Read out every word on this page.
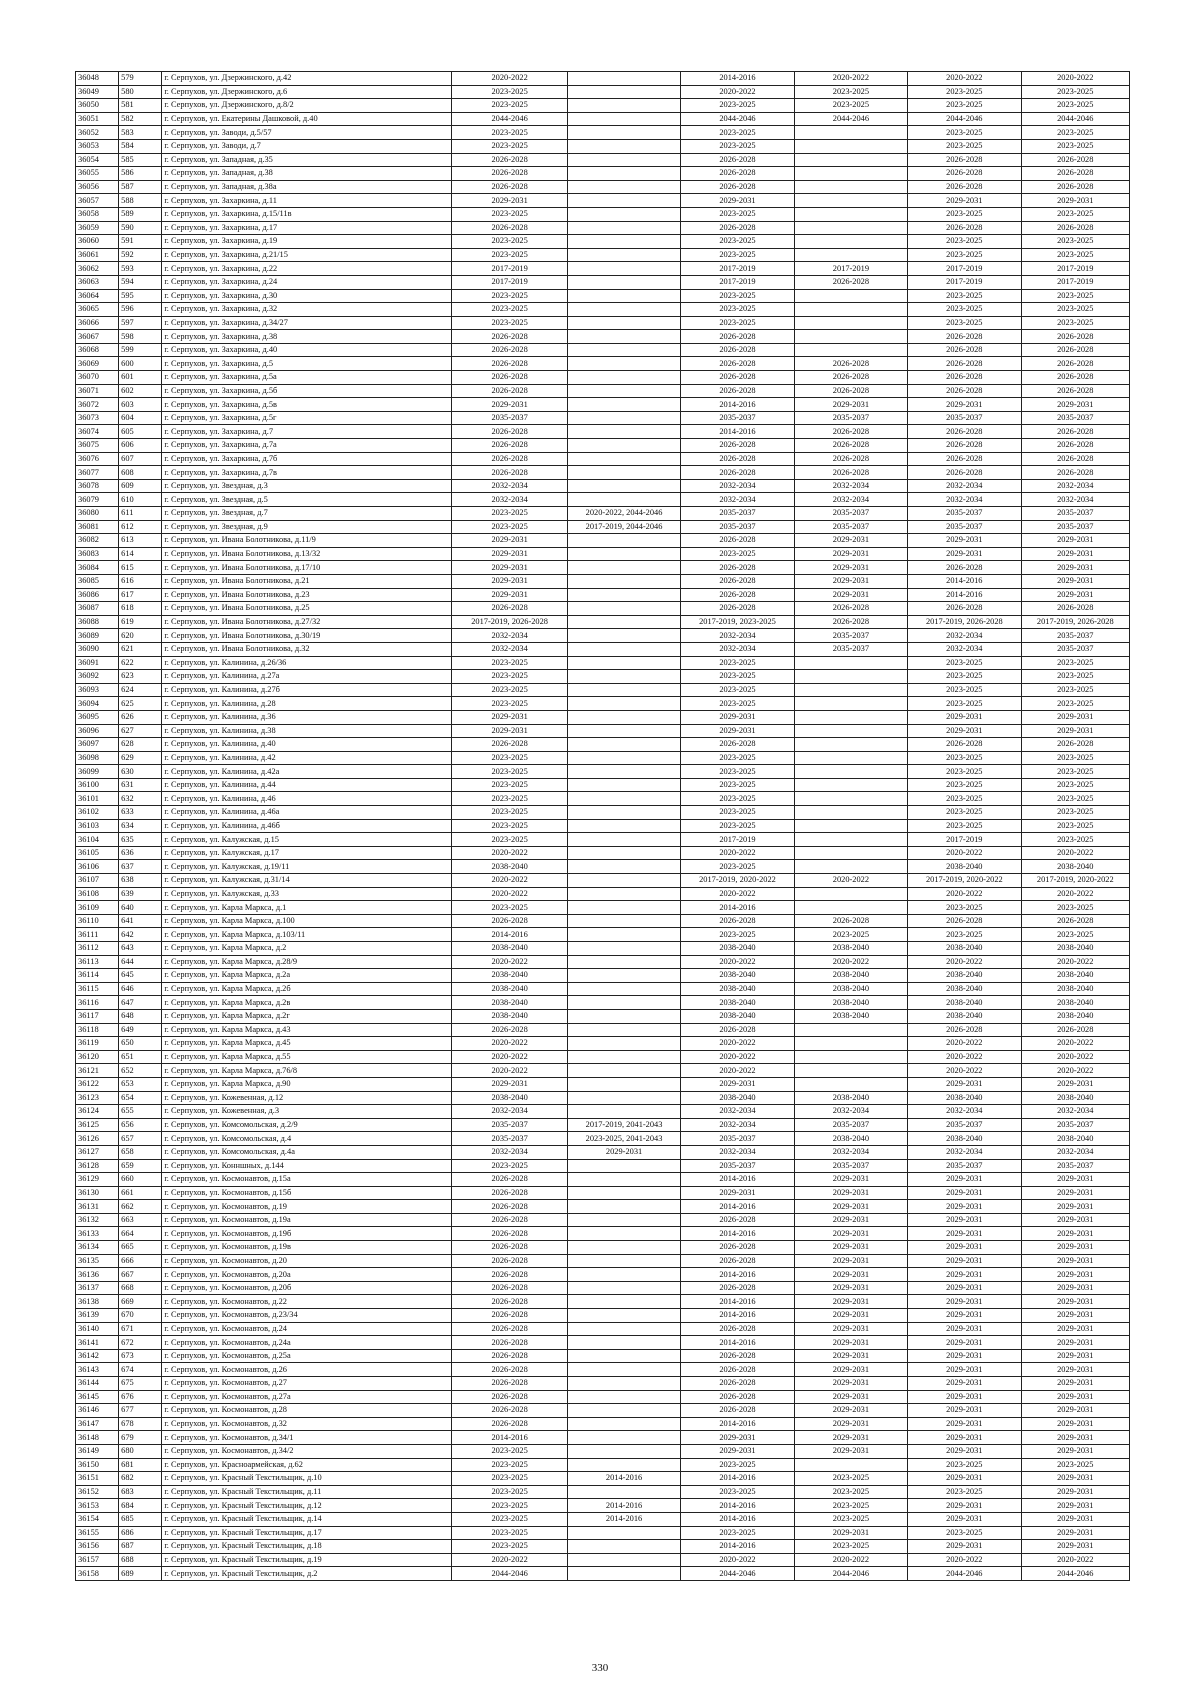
36048	579	г. Серпухов, ул. Дзержинского, д.42	2020-2022		2014-2016	2020-2022	2020-2022	2020-2022
36049	580	г. Серпухов, ул. Дзержинского, д.6	2023-2025		2020-2022	2023-2025	2023-2025	2023-2025
36050	581	г. Серпухов, ул. Дзержинского, д.8/2	2023-2025		2023-2025	2023-2025	2023-2025	2023-2025
36051	582	г. Серпухов, ул. Екатерины Дашковой, д.40	2044-2046		2044-2046	2044-2046	2044-2046	2044-2046
36052	583	г. Серпухов, ул. Заводи, д.5/57	2023-2025		2023-2025		2023-2025	2023-2025
36053	584	г. Серпухов, ул. Заводи, д.7	2023-2025		2023-2025		2023-2025	2023-2025
36054	585	г. Серпухов, ул. Западная, д.35	2026-2028		2026-2028		2026-2028	2026-2028
36055	586	г. Серпухов, ул. Западная, д.38	2026-2028		2026-2028		2026-2028	2026-2028
36056	587	г. Серпухов, ул. Западная, д.38а	2026-2028		2026-2028		2026-2028	2026-2028
36057	588	г. Серпухов, ул. Захаркина, д.11	2029-2031		2029-2031		2029-2031	2029-2031
36058	589	г. Серпухов, ул. Захаркина, д.15/11в	2023-2025		2023-2025		2023-2025	2023-2025
36059	590	г. Серпухов, ул. Захаркина, д.17	2026-2028		2026-2028		2026-2028	2026-2028
36060	591	г. Серпухов, ул. Захаркина, д.19	2023-2025		2023-2025		2023-2025	2023-2025
36061	592	г. Серпухов, ул. Захаркина, д.21/15	2023-2025		2023-2025		2023-2025	2023-2025
36062	593	г. Серпухов, ул. Захаркина, д.22	2017-2019		2017-2019	2017-2019	2017-2019	2017-2019
36063	594	г. Серпухов, ул. Захаркина, д.24	2017-2019		2017-2019	2026-2028	2017-2019	2017-2019
36064	595	г. Серпухов, ул. Захаркина, д.30	2023-2025		2023-2025		2023-2025	2023-2025
36065	596	г. Серпухов, ул. Захаркина, д.32	2023-2025		2023-2025		2023-2025	2023-2025
36066	597	г. Серпухов, ул. Захаркина, д.34/27	2023-2025		2023-2025		2023-2025	2023-2025
36067	598	г. Серпухов, ул. Захаркина, д.38	2026-2028		2026-2028		2026-2028	2026-2028
36068	599	г. Серпухов, ул. Захаркина, д.40	2026-2028		2026-2028		2026-2028	2026-2028
36069	600	г. Серпухов, ул. Захаркина, д.5	2026-2028		2026-2028	2026-2028	2026-2028	2026-2028
36070	601	г. Серпухов, ул. Захаркина, д.5а	2026-2028		2026-2028	2026-2028	2026-2028	2026-2028
36071	602	г. Серпухов, ул. Захаркина, д.5б	2026-2028		2026-2028	2026-2028	2026-2028	2026-2028
36072	603	г. Серпухов, ул. Захаркина, д.5в	2029-2031		2014-2016	2029-2031	2029-2031	2029-2031
36073	604	г. Серпухов, ул. Захаркина, д.5г	2035-2037		2035-2037	2035-2037	2035-2037	2035-2037
36074	605	г. Серпухов, ул. Захаркина, д.7	2026-2028		2014-2016	2026-2028	2026-2028	2026-2028
36075	606	г. Серпухов, ул. Захаркина, д.7а	2026-2028		2026-2028	2026-2028	2026-2028	2026-2028
36076	607	г. Серпухов, ул. Захаркина, д.7б	2026-2028		2026-2028	2026-2028	2026-2028	2026-2028
36077	608	г. Серпухов, ул. Захаркина, д.7в	2026-2028		2026-2028	2026-2028	2026-2028	2026-2028
36078	609	г. Серпухов, ул. Звездная, д.3	2032-2034		2032-2034	2032-2034	2032-2034	2032-2034
36079	610	г. Серпухов, ул. Звездная, д.5	2032-2034		2032-2034	2032-2034	2032-2034	2032-2034
36080	611	г. Серпухов, ул. Звездная, д.7	2023-2025	2020-2022, 2044-2046	2035-2037	2035-2037	2035-2037	2035-2037
36081	612	г. Серпухов, ул. Звездная, д.9	2023-2025	2017-2019, 2044-2046	2035-2037	2035-2037	2035-2037	2035-2037
36082	613	г. Серпухов, ул. Ивана Болотникова, д.11/9	2029-2031		2026-2028	2029-2031	2029-2031	2029-2031
36083	614	г. Серпухов, ул. Ивана Болотникова, д.13/32	2029-2031		2023-2025	2029-2031	2029-2031	2029-2031
36084	615	г. Серпухов, ул. Ивана Болотникова, д.17/10	2029-2031		2026-2028	2029-2031	2026-2028	2029-2031
36085	616	г. Серпухов, ул. Ивана Болотникова, д.21	2029-2031		2026-2028	2029-2031	2014-2016	2029-2031
36086	617	г. Серпухов, ул. Ивана Болотникова, д.23	2029-2031		2026-2028	2029-2031	2014-2016	2029-2031
36087	618	г. Серпухов, ул. Ивана Болотникова, д.25	2026-2028		2026-2028	2026-2028	2026-2028	2026-2028
36088	619	г. Серпухов, ул. Ивана Болотникова, д.27/32	2017-2019, 2026-2028		2017-2019, 2023-2025	2026-2028	2017-2019, 2026-2028	2017-2019, 2026-2028
36089	620	г. Серпухов, ул. Ивана Болотникова, д.30/19	2032-2034		2032-2034	2035-2037	2032-2034	2035-2037
36090	621	г. Серпухов, ул. Ивана Болотникова, д.32	2032-2034		2032-2034	2035-2037	2032-2034	2035-2037
36091	622	г. Серпухов, ул. Калинина, д.26/36	2023-2025		2023-2025		2023-2025	2023-2025
36092	623	г. Серпухов, ул. Калинина, д.27а	2023-2025		2023-2025		2023-2025	2023-2025
36093	624	г. Серпухов, ул. Калинина, д.27б	2023-2025		2023-2025		2023-2025	2023-2025
36094	625	г. Серпухов, ул. Калинина, д.28	2023-2025		2023-2025		2023-2025	2023-2025
36095	626	г. Серпухов, ул. Калинина, д.36	2029-2031		2029-2031		2029-2031	2029-2031
36096	627	г. Серпухов, ул. Калинина, д.38	2029-2031		2029-2031		2029-2031	2029-2031
36097	628	г. Серпухов, ул. Калинина, д.40	2026-2028		2026-2028		2026-2028	2026-2028
36098	629	г. Серпухов, ул. Калинина, д.42	2023-2025		2023-2025		2023-2025	2023-2025
36099	630	г. Серпухов, ул. Калинина, д.42а	2023-2025		2023-2025		2023-2025	2023-2025
36100	631	г. Серпухов, ул. Калинина, д.44	2023-2025		2023-2025		2023-2025	2023-2025
36101	632	г. Серпухов, ул. Калинина, д.46	2023-2025		2023-2025		2023-2025	2023-2025
36102	633	г. Серпухов, ул. Калинина, д.46а	2023-2025		2023-2025		2023-2025	2023-2025
36103	634	г. Серпухов, ул. Калинина, д.46б	2023-2025		2023-2025		2023-2025	2023-2025
36104	635	г. Серпухов, ул. Калужская, д.15	2023-2025		2017-2019		2017-2019	2023-2025
36105	636	г. Серпухов, ул. Калужская, д.17	2020-2022		2020-2022		2020-2022	2020-2022
36106	637	г. Серпухов, ул. Калужская, д.19/11	2038-2040		2023-2025		2038-2040	2038-2040
36107	638	г. Серпухов, ул. Калужская, д.31/14	2020-2022		2017-2019, 2020-2022	2020-2022	2017-2019, 2020-2022	2017-2019, 2020-2022
36108	639	г. Серпухов, ул. Калужская, д.33	2020-2022		2020-2022		2020-2022	2020-2022
36109	640	г. Серпухов, ул. Карла Маркса, д.1	2023-2025		2014-2016		2023-2025	2023-2025
36110	641	г. Серпухов, ул. Карла Маркса, д.100	2026-2028		2026-2028	2026-2028	2026-2028	2026-2028
36111	642	г. Серпухов, ул. Карла Маркса, д.103/11	2014-2016		2023-2025	2023-2025	2023-2025	2023-2025
36112	643	г. Серпухов, ул. Карла Маркса, д.2	2038-2040		2038-2040	2038-2040	2038-2040	2038-2040
36113	644	г. Серпухов, ул. Карла Маркса, д.28/9	2020-2022		2020-2022	2020-2022	2020-2022	2020-2022
36114	645	г. Серпухов, ул. Карла Маркса, д.2а	2038-2040		2038-2040	2038-2040	2038-2040	2038-2040
36115	646	г. Серпухов, ул. Карла Маркса, д.2б	2038-2040		2038-2040	2038-2040	2038-2040	2038-2040
36116	647	г. Серпухов, ул. Карла Маркса, д.2в	2038-2040		2038-2040	2038-2040	2038-2040	2038-2040
36117	648	г. Серпухов, ул. Карла Маркса, д.2г	2038-2040		2038-2040	2038-2040	2038-2040	2038-2040
36118	649	г. Серпухов, ул. Карла Маркса, д.43	2026-2028		2026-2028		2026-2028	2026-2028
36119	650	г. Серпухов, ул. Карла Маркса, д.45	2020-2022		2020-2022		2020-2022	2020-2022
36120	651	г. Серпухов, ул. Карла Маркса, д.55	2020-2022		2020-2022		2020-2022	2020-2022
36121	652	г. Серпухов, ул. Карла Маркса, д.76/8	2020-2022		2020-2022		2020-2022	2020-2022
36122	653	г. Серпухов, ул. Карла Маркса, д.90	2029-2031		2029-2031		2029-2031	2029-2031
36123	654	г. Серпухов, ул. Кожевенная, д.12	2038-2040		2038-2040	2038-2040	2038-2040	2038-2040
36124	655	г. Серпухов, ул. Кожевенная, д.3	2032-2034		2032-2034	2032-2034	2032-2034	2032-2034
36125	656	г. Серпухов, ул. Комсомольская, д.2/9	2035-2037	2017-2019, 2041-2043	2032-2034	2035-2037	2035-2037	2035-2037
36126	657	г. Серпухов, ул. Комсомольская, д.4	2035-2037	2023-2025, 2041-2043	2035-2037	2038-2040	2038-2040	2038-2040
36127	658	г. Серпухов, ул. Комсомольская, д.4а	2032-2034	2029-2031	2032-2034	2032-2034	2032-2034	2032-2034
36128	659	г. Серпухов, ул. Конншных, д.144	2023-2025		2035-2037	2035-2037	2035-2037	2035-2037
36129	660	г. Серпухов, ул. Космонавтов, д.15а	2026-2028		2014-2016	2029-2031	2029-2031	2029-2031
36130	661	г. Серпухов, ул. Космонавтов, д.15б	2026-2028		2029-2031	2029-2031	2029-2031	2029-2031
36131	662	г. Серпухов, ул. Космонавтов, д.19	2026-2028		2014-2016	2029-2031	2029-2031	2029-2031
36132	663	г. Серпухов, ул. Космонавтов, д.19а	2026-2028		2026-2028	2029-2031	2029-2031	2029-2031
36133	664	г. Серпухов, ул. Космонавтов, д.19б	2026-2028		2014-2016	2029-2031	2029-2031	2029-2031
36134	665	г. Серпухов, ул. Космонавтов, д.19в	2026-2028		2026-2028	2029-2031	2029-2031	2029-2031
36135	666	г. Серпухов, ул. Космонавтов, д.20	2026-2028		2026-2028	2029-2031	2029-2031	2029-2031
36136	667	г. Серпухов, ул. Космонавтов, д.20а	2026-2028		2014-2016	2029-2031	2029-2031	2029-2031
36137	668	г. Серпухов, ул. Космонавтов, д.20б	2026-2028		2026-2028	2029-2031	2029-2031	2029-2031
36138	669	г. Серпухов, ул. Космонавтов, д.22	2026-2028		2014-2016	2029-2031	2029-2031	2029-2031
36139	670	г. Серпухов, ул. Космонавтов, д.23/34	2026-2028		2014-2016	2029-2031	2029-2031	2029-2031
36140	671	г. Серпухов, ул. Космонавтов, д.24	2026-2028		2026-2028	2029-2031	2029-2031	2029-2031
36141	672	г. Серпухов, ул. Космонавтов, д.24а	2026-2028		2014-2016	2029-2031	2029-2031	2029-2031
36142	673	г. Серпухов, ул. Космонавтов, д.25а	2026-2028		2026-2028	2029-2031	2029-2031	2029-2031
36143	674	г. Серпухов, ул. Космонавтов, д.26	2026-2028		2026-2028	2029-2031	2029-2031	2029-2031
36144	675	г. Серпухов, ул. Космонавтов, д.27	2026-2028		2026-2028	2029-2031	2029-2031	2029-2031
36145	676	г. Серпухов, ул. Космонавтов, д.27а	2026-2028		2026-2028	2029-2031	2029-2031	2029-2031
36146	677	г. Серпухов, ул. Космонавтов, д.28	2026-2028		2026-2028	2029-2031	2029-2031	2029-2031
36147	678	г. Серпухов, ул. Космонавтов, д.32	2026-2028		2014-2016	2029-2031	2029-2031	2029-2031
36148	679	г. Серпухов, ул. Космонавтов, д.34/1	2014-2016		2029-2031	2029-2031	2029-2031	2029-2031
36149	680	г. Серпухов, ул. Космонавтов, д.34/2	2023-2025		2029-2031	2029-2031	2029-2031	2029-2031
36150	681	г. Серпухов, ул. Красноармейская, д.62	2023-2025		2023-2025		2023-2025	2023-2025
36151	682	г. Серпухов, ул. Красный Текстильщик, д.10	2023-2025	2014-2016	2014-2016	2023-2025	2029-2031	2029-2031
36152	683	г. Серпухов, ул. Красный Текстильщик, д.11	2023-2025		2023-2025	2023-2025	2023-2025	2029-2031
36153	684	г. Серпухов, ул. Красный Текстильщик, д.12	2023-2025	2014-2016	2014-2016	2023-2025	2029-2031	2029-2031
36154	685	г. Серпухов, ул. Красный Текстильщик, д.14	2023-2025	2014-2016	2014-2016	2023-2025	2029-2031	2029-2031
36155	686	г. Серпухов, ул. Красный Текстильщик, д.17	2023-2025		2023-2025	2029-2031	2023-2025	2029-2031
36156	687	г. Серпухов, ул. Красный Текстильщик, д.18	2023-2025		2014-2016	2023-2025	2029-2031	2029-2031
36157	688	г. Серпухов, ул. Красный Текстильщик, д.19	2020-2022		2020-2022	2020-2022	2020-2022	2020-2022
36158	689	г. Серпухов, ул. Красный Текстильщик, д.2	2044-2046		2044-2046	2044-2046	2044-2046	2044-2046
330
